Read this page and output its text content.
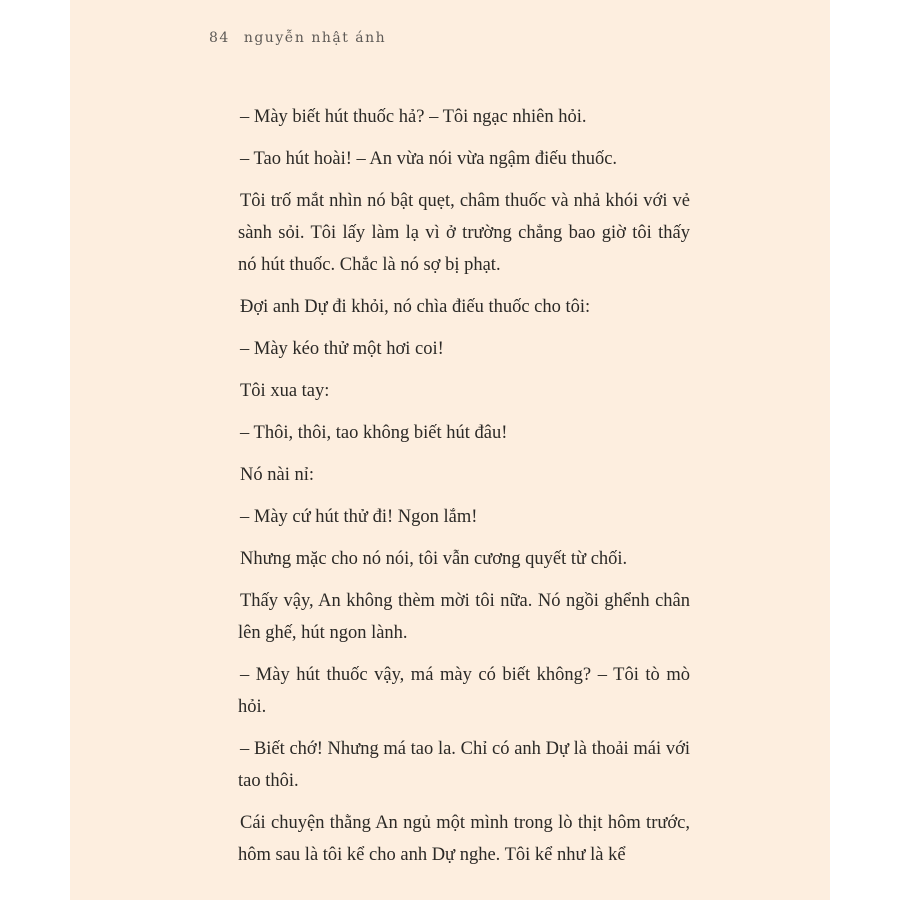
84 nguyễn nhật ánh

– Mày biết hút thuốc hả? – Tôi ngạc nhiên hỏi.

– Tao hút hoài! – An vừa nói vừa ngậm điếu thuốc.

Tôi trố mắt nhìn nó bật quẹt, châm thuốc và nhả khói với vẻ sành sỏi. Tôi lấy làm lạ vì ở trường chẳng bao giờ tôi thấy nó hút thuốc. Chắc là nó sợ bị phạt.

Đợi anh Dự đi khỏi, nó chìa điếu thuốc cho tôi:

– Mày kéo thử một hơi coi!

Tôi xua tay:

– Thôi, thôi, tao không biết hút đâu!

Nó nài nỉ:

– Mày cứ hút thử đi! Ngon lắm!

Nhưng mặc cho nó nói, tôi vẫn cương quyết từ chối.

Thấy vậy, An không thèm mời tôi nữa. Nó ngồi ghểnh chân lên ghế, hút ngon lành.

– Mày hút thuốc vậy, má mày có biết không? – Tôi tò mò hỏi.

– Biết chớ! Nhưng má tao la. Chỉ có anh Dự là thoải mái với tao thôi.

Cái chuyện thằng An ngủ một mình trong lò thịt hôm trước, hôm sau là tôi kể cho anh Dự nghe. Tôi kể như là kể
